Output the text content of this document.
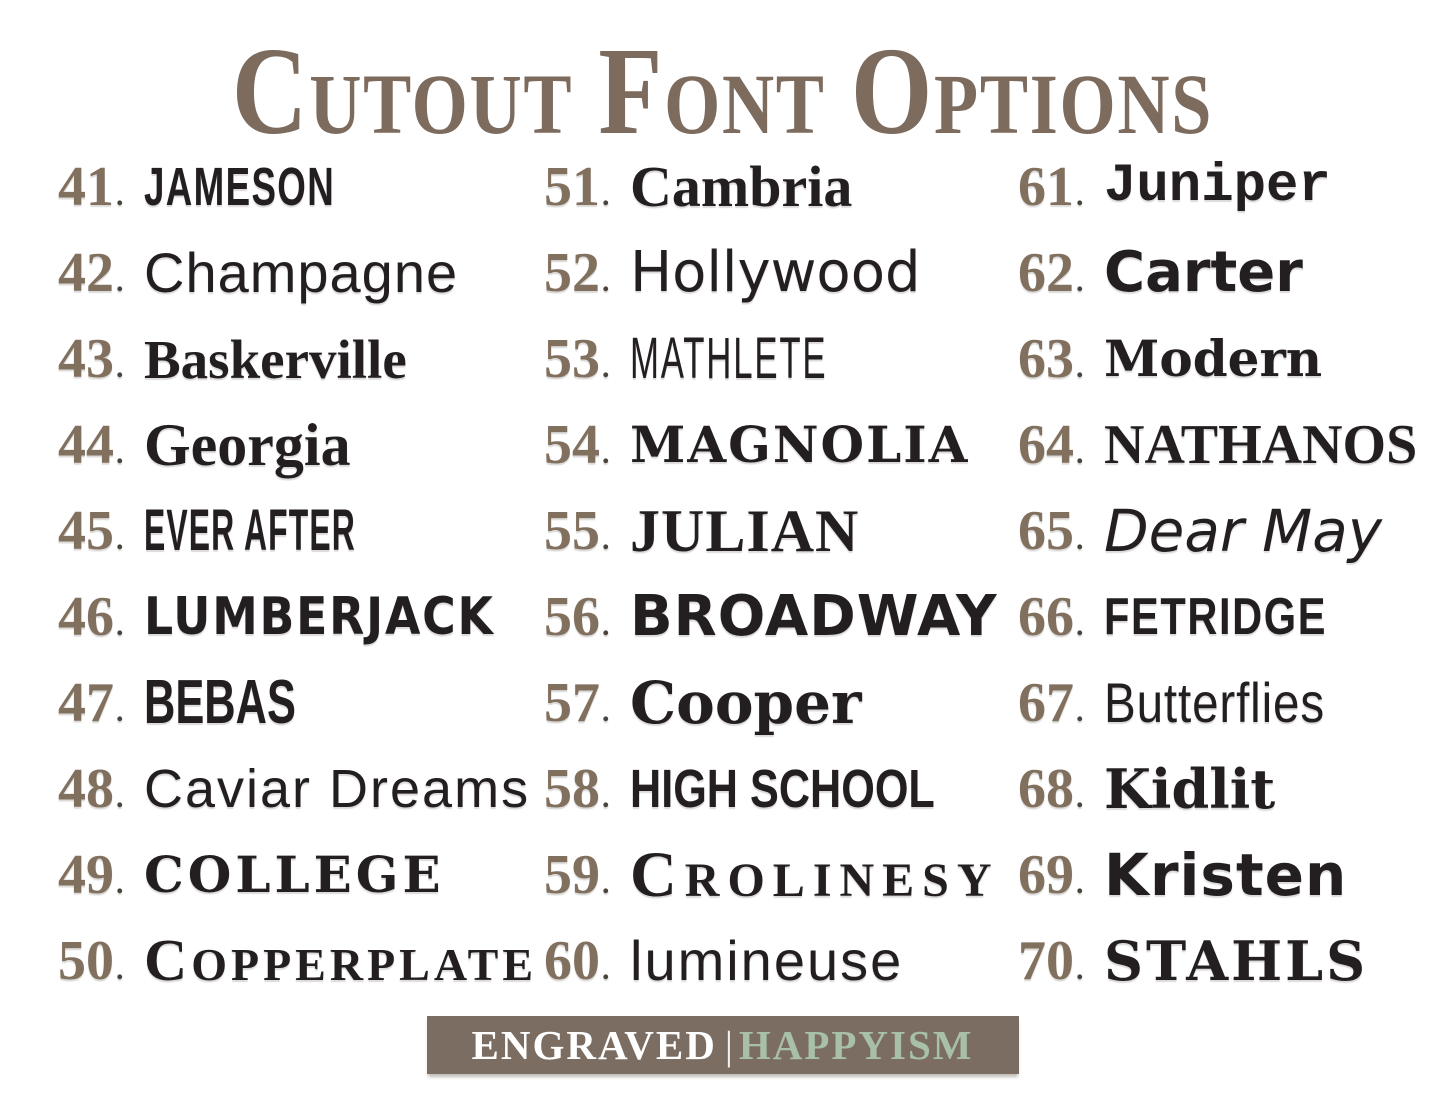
CUTOUT FONT OPTIONS
41. JAMESON
42. Champagne
43. Baskerville
44. Georgia
45. EVER AFTER
46. LUMBERJACK
47. BEBAS
48. Caviar Dreams
49. COLLEGE
50. COPPERPLATE
51. Cambria
52. Hollywood
53. MATHLETE
54. MAGNOLIA
55. JULIAN
56. BROADWAY
57. Cooper
58. HIGH SCHOOL
59. CROLINESY
60. lumineuse
61. Juniper
62. Carter
63. Modern
64. NATHANOS
65. Dear May
66. FETRIDGE
67. Butterflies
68. Kidlit
69. Kristen
70. STAHLS
ENGRAVED | HAPPYISM
